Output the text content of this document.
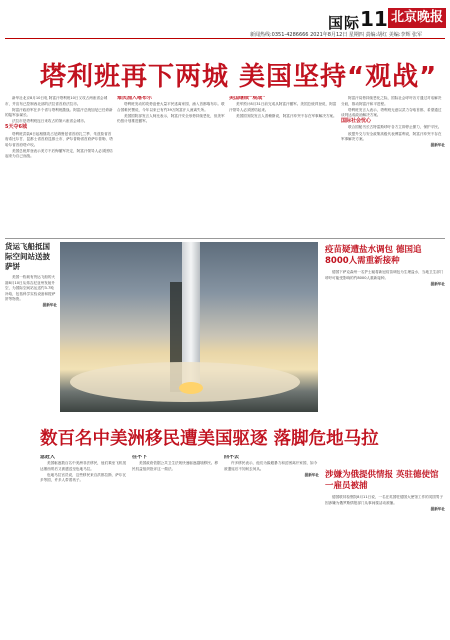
国际 11 北京晚报
新闻热线:0351-4286666 2021年8月12日 星期四 责编:胡红 美编:李辉 张军
塔利班再下两城 美国坚持“观战”

新华社北京8月10日电 阿富汗塔利班10日又攻占两座省会城市，并宣布已控制西北部的法拉省首府法拉市。

阿富汗政府军在多个省与塔利班激战。阿富汗总统加尼已任命新的陆军参谋长。

法拉市是塔利班连日来攻占的第六座省会城市。

5天夺6城

塔利班武装6日起相继攻占尼姆鲁兹省首府扎兰季、朱兹詹省首府希比尔甘、昆都士省首府昆都士市、萨尔普勒省首府萨尔普勒、塔哈尔省首府塔卢坎。

美国总统拜登表示美方不后悔撤军决定，阿富汗领导人必须团结起来为自己而战。

难民涌入喀布尔

塔利班发动的攻势迫使大量平民逃离家园，涌入首都喀布尔。联合国难民署说，今年以来已有约39万阿富汗人流离失所。

美国国防部发言人柯比表示，阿富汗安全形势持续恶化，但美军仍按计划推进撤军。

美国继续“观战”

美军预计8月31日前完成从阿富汗撤军。美国总统拜登说，阿富汗领导人必须团结起来。

美国国务院发言人普赖斯说，阿富汗冲突不存在军事解决方案。

阿富汗局势持续恶化之际，国际社会呼吁各方通过对话解决分歧，推动阿富汗和平进程。

塔利班发言人表示，塔利班无意以武力夺取首都，希望通过谈判达成政治解决方案。

国际社会忧心

联合国秘书长古特雷斯呼吁各方立即停止暴力，保护平民。

欧盟外交与安全政策高级代表博雷利说，阿富汗冲突不存在军事解决方案。

据新华社

货运飞船抵国际空间站送披萨饼

美国一枚载有货运飞船的火箭8月10日从弗吉尼亚州发射升空，为国际空间站运送约3.7吨补给，包括科学实验设备和披萨饼等物资。

据新华社

疫苗疑遭盐水调包 德国追8000人需重新接种

德国下萨克森州一名护士疑将新冠疫苗调包为生理盐水，当地卫生部门呼吁可能受影响的约8000人重新接种。

据新华社

涉嫌为俄提供情报 英驻德使馆一雇员被捕

德国联邦检察院8月11日说，一名在英国驻德国大使馆工作的英国男子因涉嫌为俄罗斯情报部门从事间谍活动被捕。

据新华社

数百名中美洲移民遭美国驱逐 落脚危地马拉

急赶人

美国驱逐数百名中美洲非法移民，他们乘坐飞机抵达墨西哥后又被遣送至危地马拉。

危地马拉官员说，这些移民来自洪都拉斯、萨尔瓦多等国，许多人带着孩子。

往不下

美国政府依据公共卫生法规快速驱逐越境移民。移民权益组织批评这一做法。

回不去

许多移民表示，他们为躲避暴力和贫困离开家园，如今被遣返后不知何去何从。

据新华社
